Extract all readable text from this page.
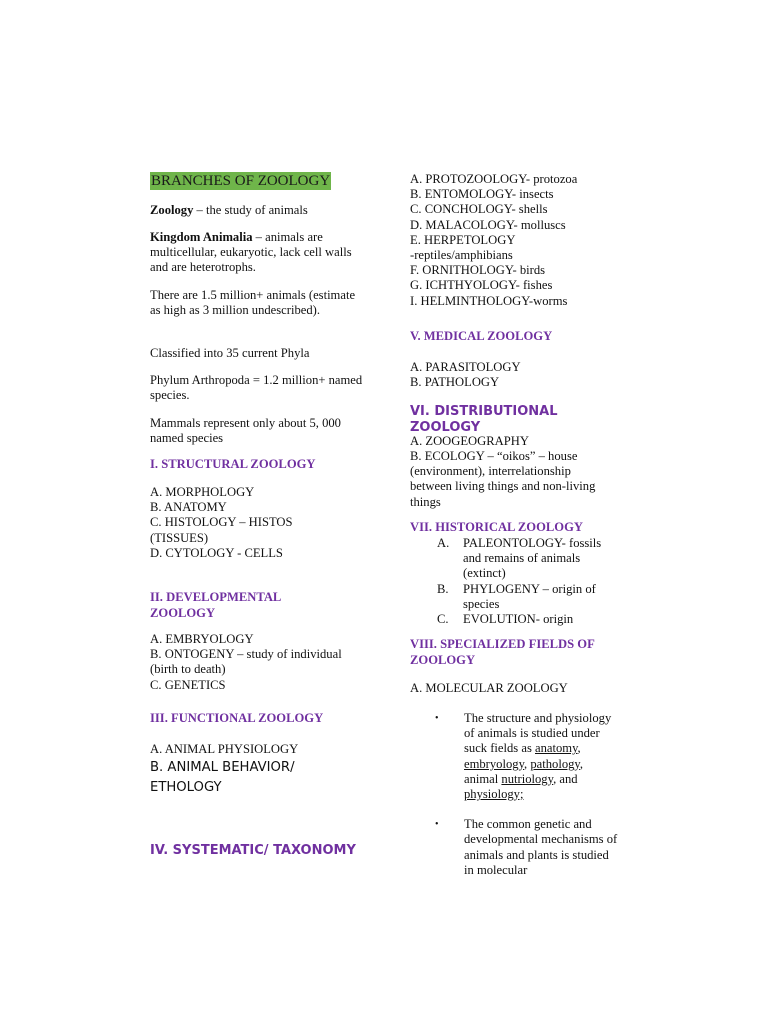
BRANCHES OF ZOOLOGY
Zoology – the study of animals
Kingdom Animalia – animals are multicellular, eukaryotic, lack cell walls and are heterotrophs.
There are 1.5 million+ animals (estimate as high as 3 million undescribed).
Classified into 35 current Phyla
Phylum Arthropoda = 1.2 million+ named species.
Mammals represent only about 5, 000 named species
I. STRUCTURAL ZOOLOGY
A. MORPHOLOGY
B. ANATOMY
C. HISTOLOGY – HISTOS (TISSUES)
D. CYTOLOGY - CELLS
II. DEVELOPMENTAL ZOOLOGY
A. EMBRYOLOGY
B. ONTOGENY – study of individual (birth to death)
C. GENETICS
III. FUNCTIONAL ZOOLOGY
A. ANIMAL PHYSIOLOGY
B. ANIMAL BEHAVIOR/ ETHOLOGY
IV. SYSTEMATIC/ TAXONOMY
A. PROTOZOOLOGY- protozoa
B. ENTOMOLOGY- insects
C. CONCHOLOGY- shells
D. MALACOLOGY- molluscs
E. HERPETOLOGY
-reptiles/amphibians
F. ORNITHOLOGY- birds
G. ICHTHYOLOGY- fishes
I. HELMINTHOLOGY-worms
V. MEDICAL ZOOLOGY
A. PARASITOLOGY
B. PATHOLOGY
VI. DISTRIBUTIONAL ZOOLOGY
A. ZOOGEOGRAPHY
B. ECOLOGY – “oikos” – house (environment), interrelationship between living things and non-living things
VII. HISTORICAL ZOOLOGY
A. PALEONTOLOGY- fossils and remains of animals (extinct)
B. PHYLOGENY – origin of species
C. EVOLUTION- origin
VIII. SPECIALIZED FIELDS OF ZOOLOGY
A. MOLECULAR ZOOLOGY
• The structure and physiology of animals is studied under suck fields as anatomy, embryology, pathology, animal nutriology, and physiology;
• The common genetic and developmental mechanisms of animals and plants is studied in molecular
